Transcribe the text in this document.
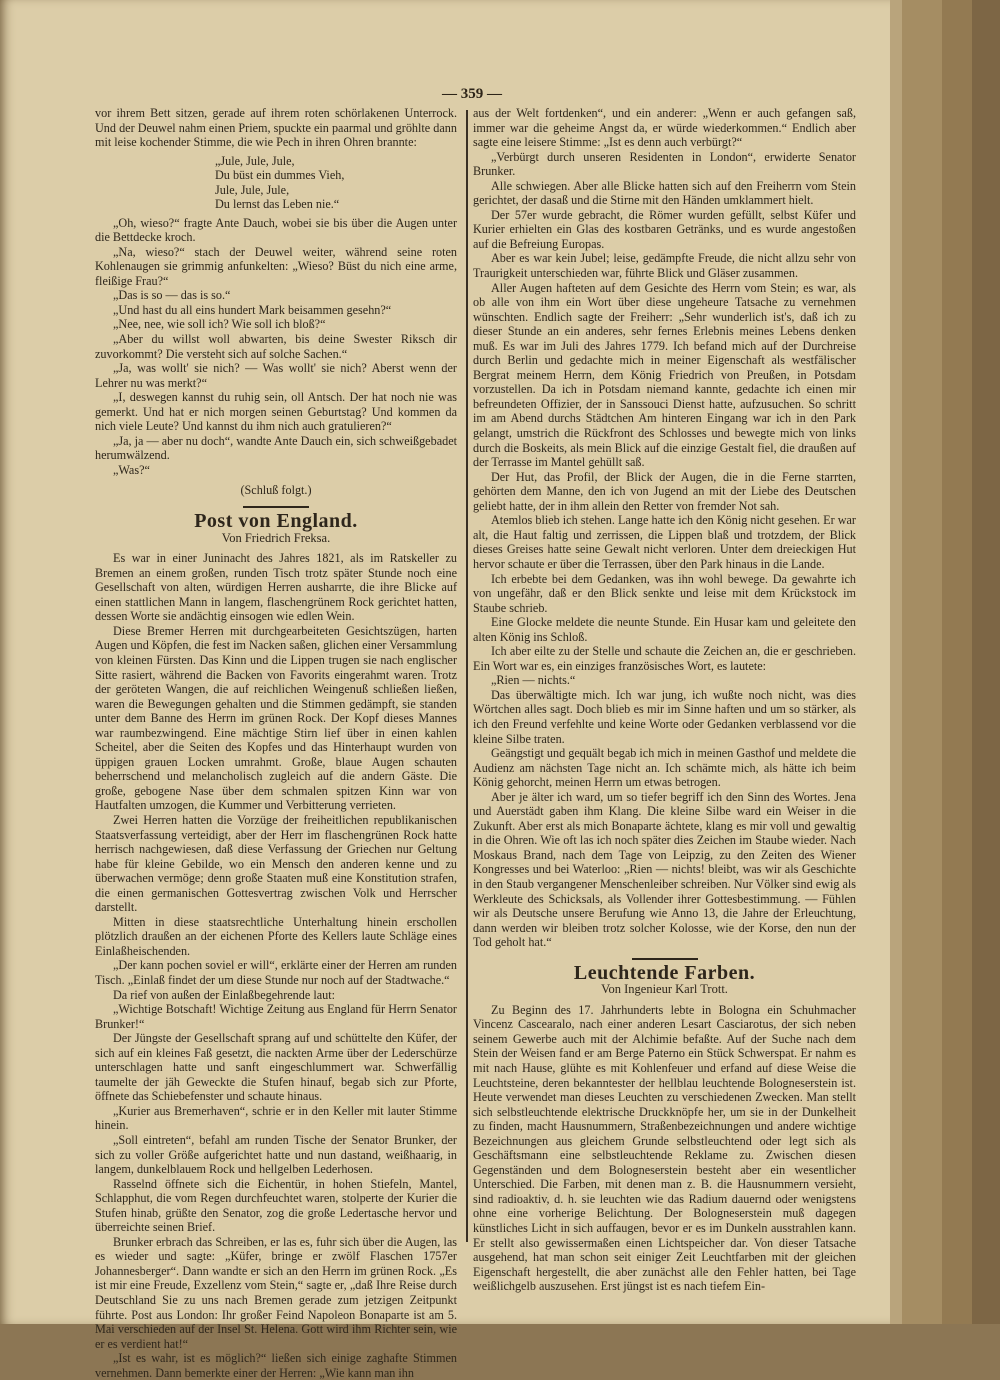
— 359 —

vor ihrem Bett sitzen, gerade auf ihrem roten schörlakenen Unterrock. Und der Deuwel nahm einen Priem, spuckte ein paarmal und gröhlte dann mit leise kochender Stimme, die wie Pech in ihren Ohren brannte:

„Jule, Jule, Jule,
Du büst ein dummes Vieh,
Jule, Jule, Jule,
Du lernst das Leben nie.“

„Oh, wieso?“ fragte Ante Dauch, wobei sie bis über die Augen unter die Bettdecke kroch.

„Na, wieso?“ stach der Deuwel weiter, während seine roten Kohlenaugen sie grimmig anfunkelten: „Wieso? Büst du nich eine arme, fleißige Frau?“

„Das is so — das is so.“

„Und hast du all eins hundert Mark beisammen gesehn?“

„Nee, nee, wie soll ich? Wie soll ich bloß?“

„Aber du willst woll abwarten, bis deine Swester Riksch dir zuvorkommt? Die versteht sich auf solche Sachen.“

„Ja, was wollt' sie nich? — Was wollt' sie nich? Aberst wenn der Lehrer nu was merkt?“

„I, deswegen kannst du ruhig sein, oll Antsch. Der hat noch nie was gemerkt. Und hat er nich morgen seinen Geburtstag? Und kommen da nich viele Leute? Und kannst du ihm nich auch gratulieren?“

„Ja, ja — aber nu doch“, wandte Ante Dauch ein, sich schweißgebadet herumwälzend.

„Was?“

(Schluß folgt.)

Post von England.

Von Friedrich Freksa.

Es war in einer Juninacht des Jahres 1821, als im Ratskeller zu Bremen an einem großen, runden Tisch trotz später Stunde noch eine Gesellschaft von alten, würdigen Herren ausharrte, die ihre Blicke auf einen stattlichen Mann in langem, flaschengrünem Rock gerichtet hatten, dessen Worte sie andächtig einsogen wie edlen Wein.

Diese Bremer Herren mit durchgearbeiteten Gesichtszügen, harten Augen und Köpfen, die fest im Nacken saßen, glichen einer Versammlung von kleinen Fürsten. Das Kinn und die Lippen trugen sie nach englischer Sitte rasiert, während die Backen von Favorits eingerahmt waren. Trotz der geröteten Wangen, die auf reichlichen Weingenuß schließen ließen, waren die Bewegungen gehalten und die Stimmen gedämpft, sie standen unter dem Banne des Herrn im grünen Rock. Der Kopf dieses Mannes war raumbezwingend. Eine mächtige Stirn lief über in einen kahlen Scheitel, aber die Seiten des Kopfes und das Hinterhaupt wurden von üppigen grauen Locken umrahmt. Große, blaue Augen schauten beherrschend und melancholisch zugleich auf die andern Gäste. Die große, gebogene Nase über dem schmalen spitzen Kinn war von Hautfalten umzogen, die Kummer und Verbitterung verrieten.

Zwei Herren hatten die Vorzüge der freiheitlichen republikanischen Staatsverfassung verteidigt, aber der Herr im flaschengrünen Rock hatte herrisch nachgewiesen, daß diese Verfassung der Griechen nur Geltung habe für kleine Gebilde, wo ein Mensch den anderen kenne und zu überwachen vermöge; denn große Staaten muß eine Konstitution strafen, die einen germanischen Gottesvertrag zwischen Volk und Herrscher darstellt.

Mitten in diese staatsrechtliche Unterhaltung hinein erschollen plötzlich draußen an der eichenen Pforte des Kellers laute Schläge eines Einlaßheischenden.

„Der kann pochen soviel er will“, erklärte einer der Herren am runden Tisch. „Einlaß findet der um diese Stunde nur noch auf der Stadtwache.“

Da rief von außen der Einlaßbegehrende laut:

„Wichtige Botschaft! Wichtige Zeitung aus England für Herrn Senator Brunker!“

Der Jüngste der Gesellschaft sprang auf und schüttelte den Küfer, der sich auf ein kleines Faß gesetzt, die nackten Arme über der Lederschürze unterschlagen hatte und sanft eingeschlummert war. Schwerfällig taumelte der jäh Geweckte die Stufen hinauf, begab sich zur Pforte, öffnete das Schiebefenster und schaute hinaus.

„Kurier aus Bremerhaven“, schrie er in den Keller mit lauter Stimme hinein.

„Soll eintreten“, befahl am runden Tische der Senator Brunker, der sich zu voller Größe aufgerichtet hatte und nun dastand, weißhaarig, in langem, dunkelblauem Rock und hellgelben Lederhosen.

Rasselnd öffnete sich die Eichentür, in hohen Stiefeln, Mantel, Schlapphut, die vom Regen durchfeuchtet waren, stolperte der Kurier die Stufen hinab, grüßte den Senator, zog die große Ledertasche hervor und überreichte seinen Brief.

Brunker erbrach das Schreiben, er las es, fuhr sich über die Augen, las es wieder und sagte: „Küfer, bringe er zwölf Flaschen 1757er Johannesberger“. Dann wandte er sich an den Herrn im grünen Rock. „Es ist mir eine Freude, Exzellenz vom Stein,“ sagte er, „daß Ihre Reise durch Deutschland Sie zu uns nach Bremen gerade zum jetzigen Zeitpunkt führte. Post aus London: Ihr großer Feind Napoleon Bonaparte ist am 5. Mai verschieden auf der Insel St. Helena. Gott wird ihm Richter sein, wie er es verdient hat!“

„Ist es wahr, ist es möglich?“ ließen sich einige zaghafte Stimmen vernehmen. Dann bemerkte einer der Herren: „Wie kann man ihn

aus der Welt fortdenken“, und ein anderer: „Wenn er auch gefangen saß, immer war die geheime Angst da, er würde wiederkommen.“ Endlich aber sagte eine leisere Stimme: „Ist es denn auch verbürgt?“

„Verbürgt durch unseren Residenten in London“, erwiderte Senator Brunker.

Alle schwiegen. Aber alle Blicke hatten sich auf den Freiherrn vom Stein gerichtet, der dasaß und die Stirne mit den Händen umklammert hielt.

Der 57er wurde gebracht, die Römer wurden gefüllt, selbst Küfer und Kurier erhielten ein Glas des kostbaren Getränks, und es wurde angestoßen auf die Befreiung Europas.

Aber es war kein Jubel; leise, gedämpfte Freude, die nicht allzu sehr von Traurigkeit unterschieden war, führte Blick und Gläser zusammen.

Aller Augen hafteten auf dem Gesichte des Herrn vom Stein; es war, als ob alle von ihm ein Wort über diese ungeheure Tatsache zu vernehmen wünschten. Endlich sagte der Freiherr: „Sehr wunderlich ist's, daß ich zu dieser Stunde an ein anderes, sehr fernes Erlebnis meines Lebens denken muß. Es war im Juli des Jahres 1779. Ich befand mich auf der Durchreise durch Berlin und gedachte mich in meiner Eigenschaft als westfälischer Bergrat meinem Herrn, dem König Friedrich von Preußen, in Potsdam vorzustellen. Da ich in Potsdam niemand kannte, gedachte ich einen mir befreundeten Offizier, der in Sanssouci Dienst hatte, aufzusuchen. So schritt im am Abend durchs Städtchen Am hinteren Eingang war ich in den Park gelangt, umstrich die Rückfront des Schlosses und bewegte mich von links durch die Boskeits, als mein Blick auf die einzige Gestalt fiel, die draußen auf der Terrasse im Mantel gehüllt saß.

Der Hut, das Profil, der Blick der Augen, die in die Ferne starrten, gehörten dem Manne, den ich von Jugend an mit der Liebe des Deutschen geliebt hatte, der in ihm allein den Retter von fremder Not sah.

Atemlos blieb ich stehen. Lange hatte ich den König nicht gesehen. Er war alt, die Haut faltig und zerrissen, die Lippen blaß und trotzdem, der Blick dieses Greises hatte seine Gewalt nicht verloren. Unter dem dreieckigen Hut hervor schaute er über die Terrassen, über den Park hinaus in die Lande.

Ich erbebte bei dem Gedanken, was ihn wohl bewege. Da gewahrte ich von ungefähr, daß er den Blick senkte und leise mit dem Krückstock im Staube schrieb.

Eine Glocke meldete die neunte Stunde. Ein Husar kam und geleitete den alten König ins Schloß.

Ich aber eilte zu der Stelle und schaute die Zeichen an, die er geschrieben. Ein Wort war es, ein einziges französisches Wort, es lautete:

„Rien — nichts.“

Das überwältigte mich. Ich war jung, ich wußte noch nicht, was dies Wörtchen alles sagt. Doch blieb es mir im Sinne haften und um so stärker, als ich den Freund verfehlte und keine Worte oder Gedanken verblassend vor die kleine Silbe traten.

Geängstigt und gequält begab ich mich in meinen Gasthof und meldete die Audienz am nächsten Tage nicht an. Ich schämte mich, als hätte ich beim König gehorcht, meinen Herrn um etwas betrogen.

Aber je älter ich ward, um so tiefer begriff ich den Sinn des Wortes. Jena und Auerstädt gaben ihm Klang. Die kleine Silbe ward ein Weiser in die Zukunft. Aber erst als mich Bonaparte ächtete, klang es mir voll und gewaltig in die Ohren. Wie oft las ich noch später dies Zeichen im Staube wieder. Nach Moskaus Brand, nach dem Tage von Leipzig, zu den Zeiten des Wiener Kongresses und bei Waterloo: „Rien — nichts! bleibt, was wir als Geschichte in den Staub vergangener Menschenleiber schreiben. Nur Völker sind ewig als Werkleute des Schicksals, als Vollender ihrer Gottesbestimmung. — Fühlen wir als Deutsche unsere Berufung wie Anno 13, die Jahre der Erleuchtung, dann werden wir bleiben trotz solcher Kolosse, wie der Korse, den nun der Tod geholt hat.“

Leuchtende Farben.

Von Ingenieur Karl Trott.

Zu Beginn des 17. Jahrhunderts lebte in Bologna ein Schuhmacher Vincenz Cascearalo, nach einer anderen Lesart Casciarotus, der sich neben seinem Gewerbe auch mit der Alchimie befaßte. Auf der Suche nach dem Stein der Weisen fand er am Berge Paterno ein Stück Schwerspat. Er nahm es mit nach Hause, glühte es mit Kohlenfeuer und erfand auf diese Weise die Leuchtsteine, deren bekanntester der hellblau leuchtende Bologneserstein ist. Heute verwendet man dieses Leuchten zu verschiedenen Zwecken. Man stellt sich selbstleuchtende elektrische Druckknöpfe her, um sie in der Dunkelheit zu finden, macht Hausnummern, Straßenbezeichnungen und andere wichtige Bezeichnungen aus gleichem Grunde selbstleuchtend oder legt sich als Geschäftsmann eine selbstleuchtende Reklame zu. Zwischen diesen Gegenständen und dem Bologneserstein besteht aber ein wesentlicher Unterschied. Die Farben, mit denen man z. B. die Hausnummern versieht, sind radioaktiv, d. h. sie leuchten wie das Radium dauernd oder wenigstens ohne eine vorherige Belichtung. Der Bologneserstein muß dagegen künstliches Licht in sich auffaugen, bevor er es im Dunkeln ausstrahlen kann. Er stellt also gewissermaßen einen Lichtspeicher dar. Von dieser Tatsache ausgehend, hat man schon seit einiger Zeit Leuchtfarben mit der gleichen Eigenschaft hergestellt, die aber zunächst alle den Fehler hatten, bei Tage weißlichgelb auszusehen. Erst jüngst ist es nach tiefem Ein-
